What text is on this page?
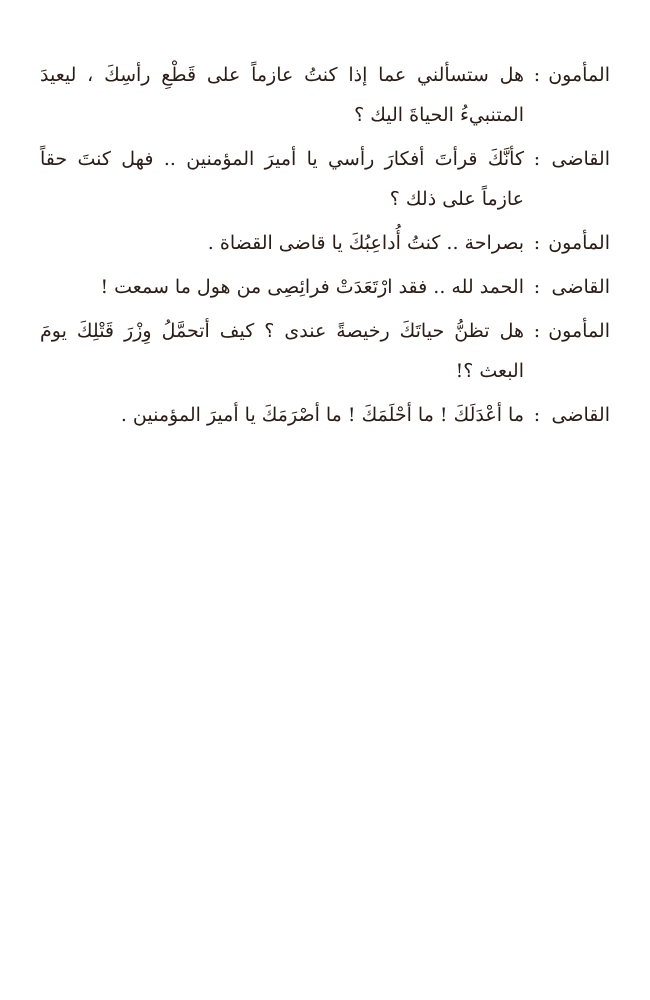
المأمون
:
هل ستسألني عما إذا كنتُ عازماً على قَطْعِ رأسِكَ ، ليعيدَ المتنبيءُ الحياةَ اليك ؟
القاضى
:
كأنَّكَ قرأتَ أفكارَ رأسي يا أميرَ المؤمنين .. فهل كنتَ حقاً عازماً على ذلك ؟
المأمون
:
بصراحة .. كنتُ أُداعِبُكَ يا قاضى القضاة .
القاضى
:
الحمد لله .. فقد ارْتَعَدَتْ فرائِصِى من هول ما سمعت !
المأمون
:
هل تظنُّ حياتَكَ رخيصةً عندى ؟ كيف أتحمَّلُ وِزْرَ قَتْلِكَ يومَ البعث ؟!
القاضى
:
ما أعْدَلَكَ ! ما أحْلَمَكَ ! ما أصْرَمَكَ يا أميرَ المؤمنين .
